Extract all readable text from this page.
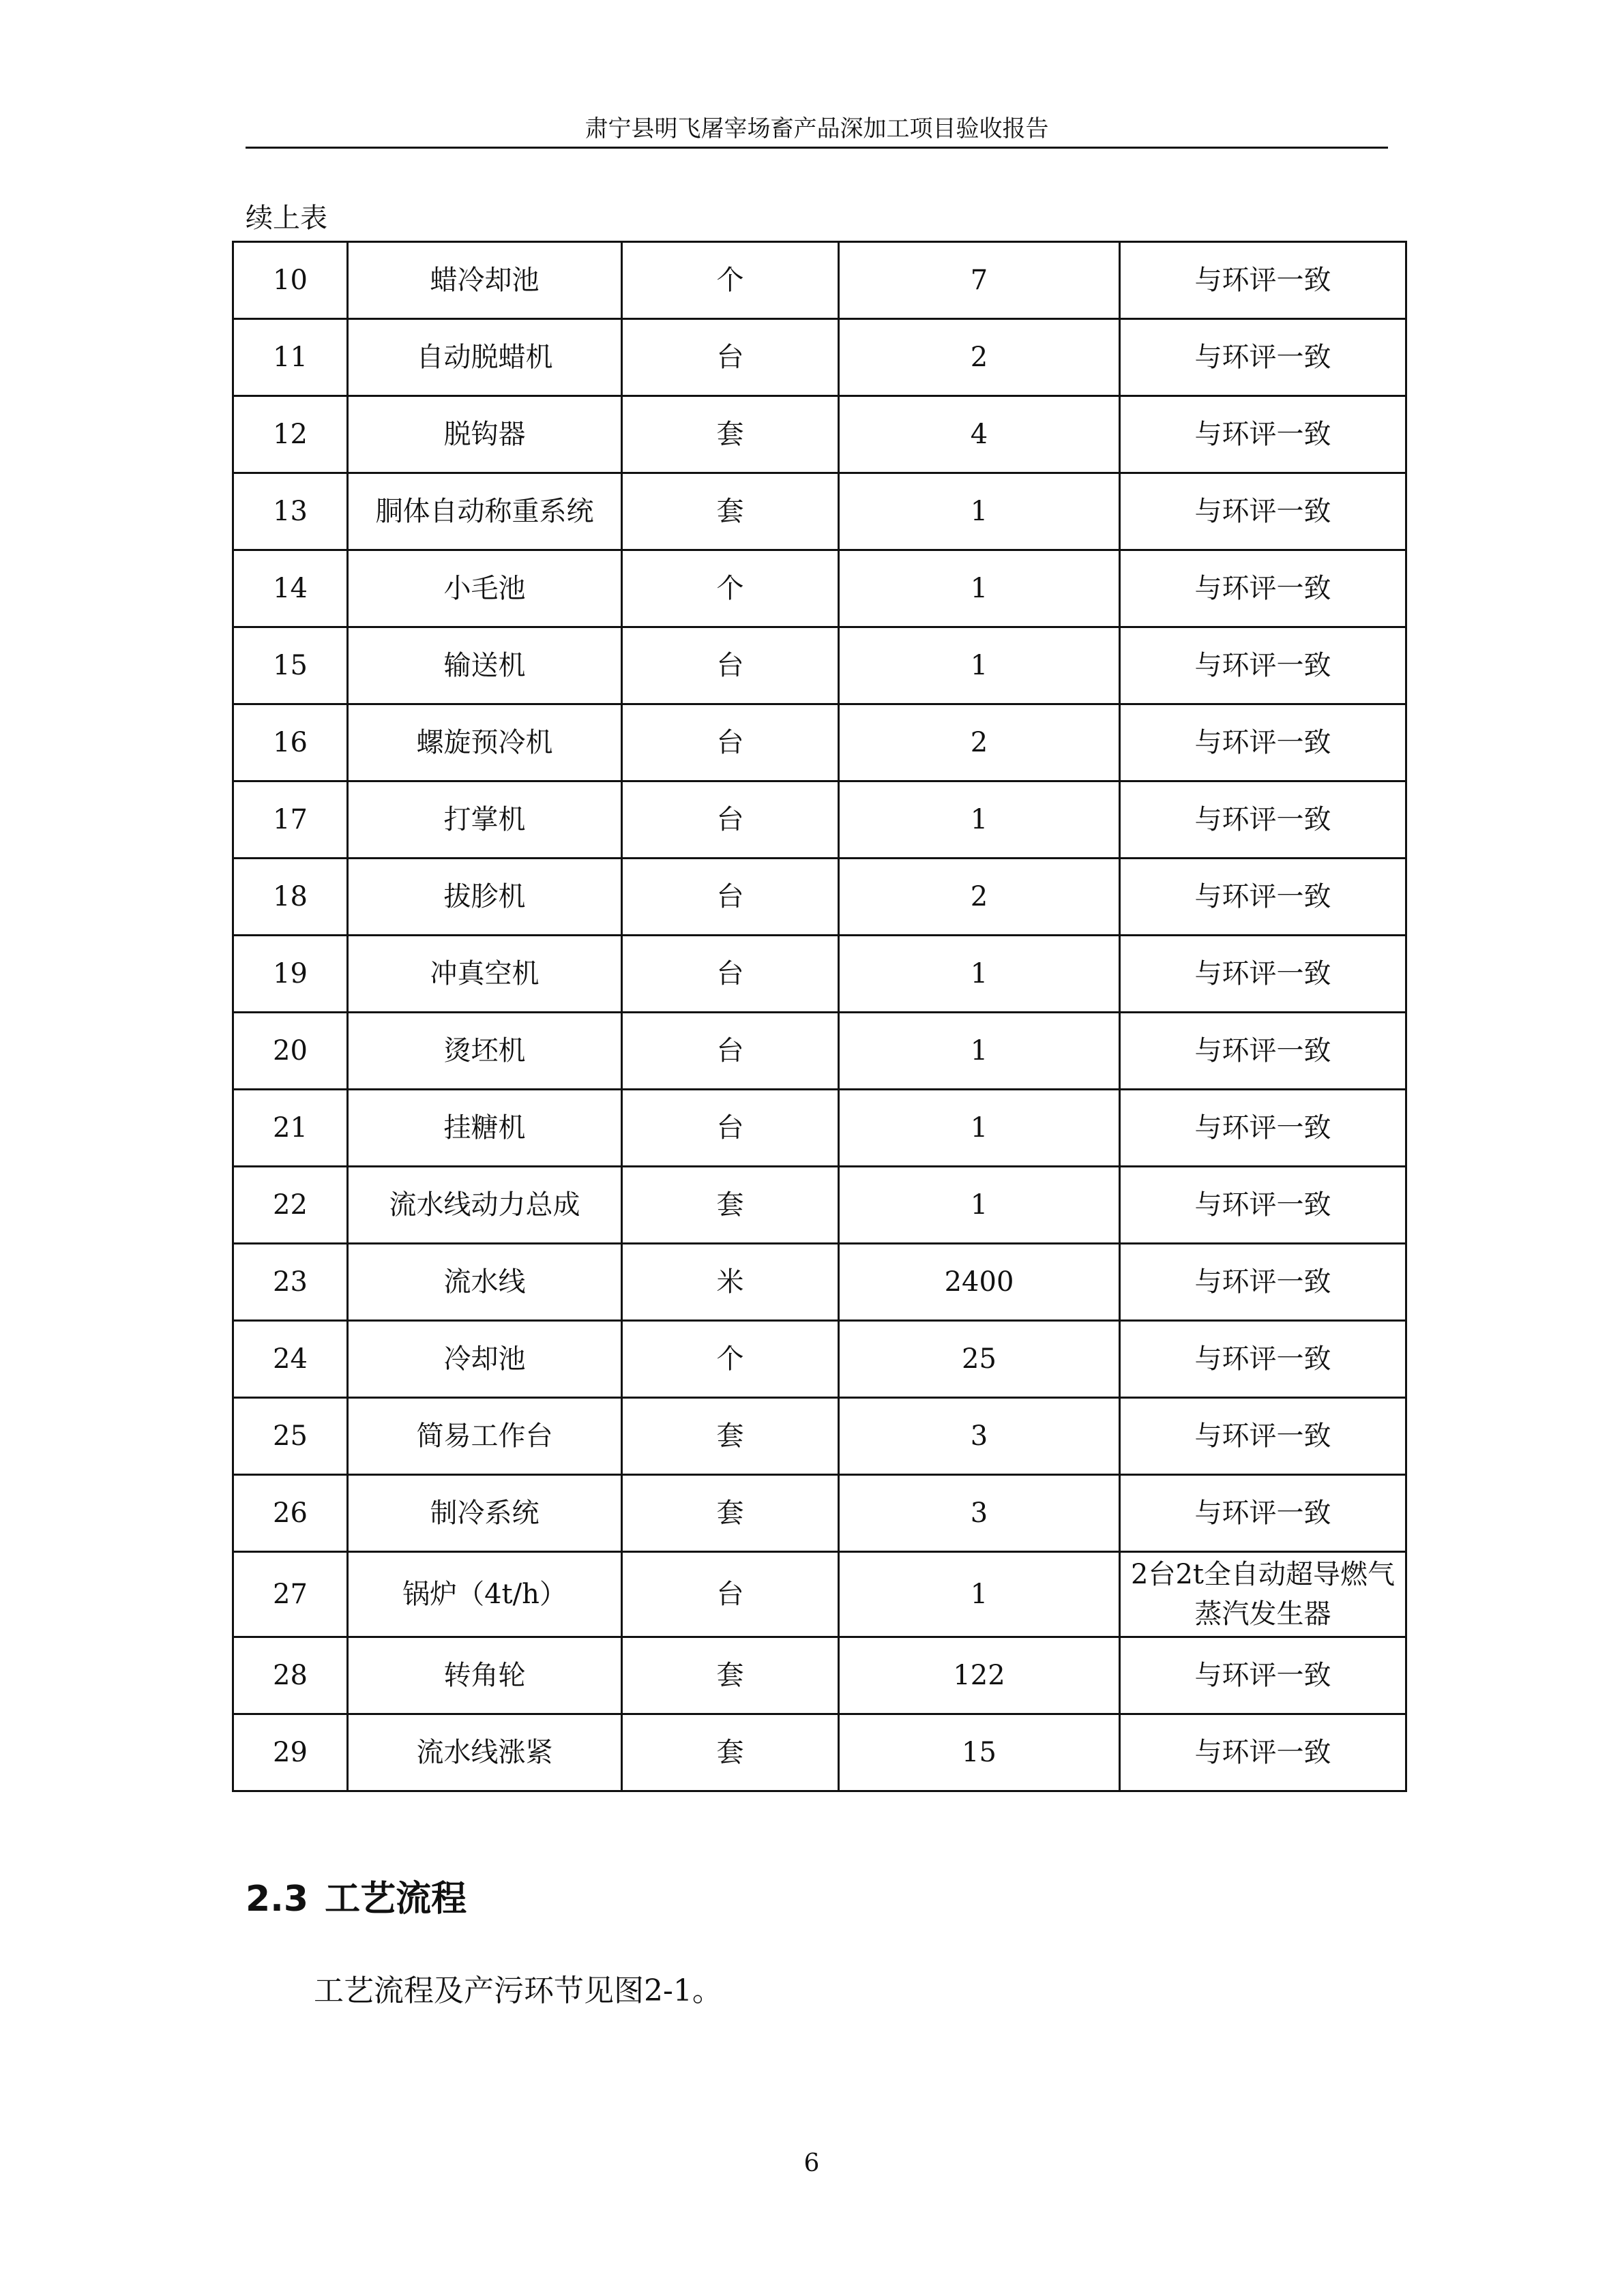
肃宁县明飞屠宰场畜产品深加工项目验收报告
续上表
10	蜡冷却池	个	7	与环评一致
11	自动脱蜡机	台	2	与环评一致
12	脱钩器	套	4	与环评一致
13	胴体自动称重系统	套	1	与环评一致
14	小毛池	个	1	与环评一致
15	输送机	台	1	与环评一致
16	螺旋预冷机	台	2	与环评一致
17	打掌机	台	1	与环评一致
18	拔胗机	台	2	与环评一致
19	冲真空机	台	1	与环评一致
20	烫坯机	台	1	与环评一致
21	挂糖机	台	1	与环评一致
22	流水线动力总成	套	1	与环评一致
23	流水线	米	2400	与环评一致
24	冷却池	个	25	与环评一致
25	简易工作台	套	3	与环评一致
26	制冷系统	套	3	与环评一致
27	锅炉（4t/h）	台	1	2台2t全自动超导燃气
蒸汽发生器

28	转角轮	套	122	与环评一致
29	流水线涨紧	套	15	与环评一致
2.3 工艺流程
工艺流程及产污环节见图2-1。
6
